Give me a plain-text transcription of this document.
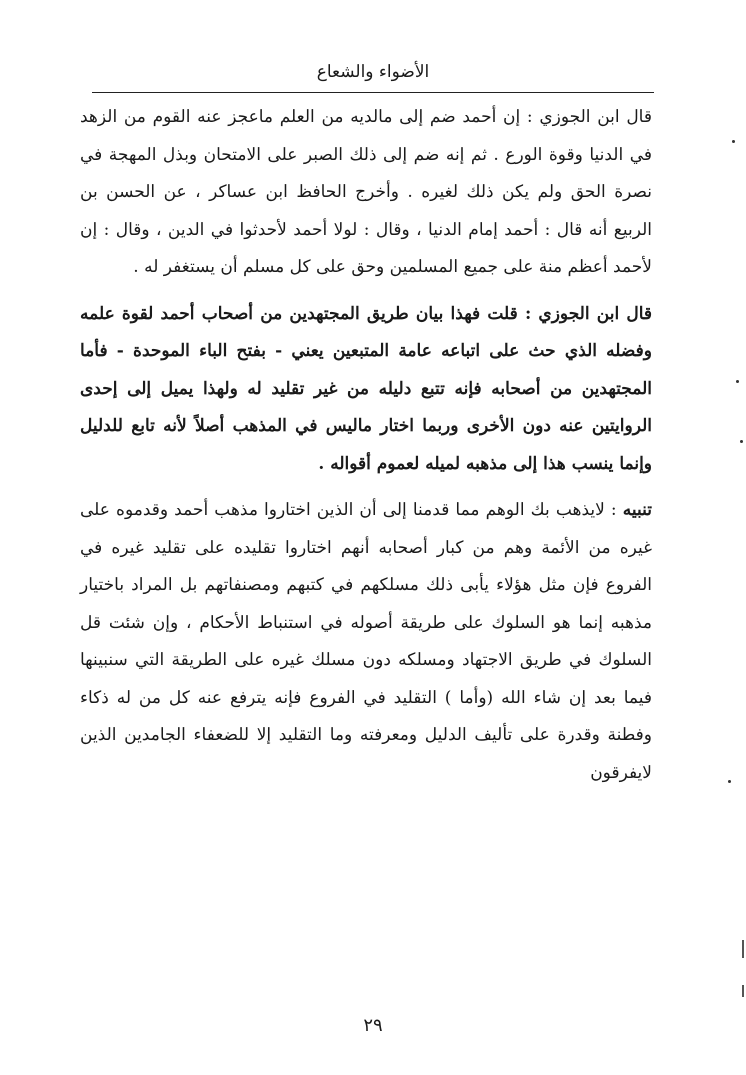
الأضواء والشعاع

قال ابن الجوزي : إن أحمد ضم إلى مالديه من العلم ماعجز عنه القوم من الزهد في الدنيا وقوة الورع . ثم إنه ضم إلى ذلك الصبر على الامتحان وبذل المهجة في نصرة الحق ولم يكن ذلك لغيره . وأخرج الحافظ ابن عساكر ، عن الحسن بن الربيع أنه قال : أحمد إمام الدنيا ، وقال : لولا أحمد لأحدثوا في الدين ، وقال : إن لأحمد أعظم منة على جميع المسلمين وحق على كل مسلم أن يستغفر له .

قال ابن الجوزي : قلت فهذا بيان طريق المجتهدين من أصحاب أحمد لقوة علمه وفضله الذي حث على اتباعه عامة المتبعين يعني - بفتح الباء الموحدة - فأما المجتهدين من أصحابه فإنه تتبع دليله من غير تقليد له ولهذا يميل إلى إحدى الروايتين عنه دون الأخرى وربما اختار ماليس في المذهب أصلاً لأنه تابع للدليل وإنما ينسب هذا إلى مذهبه لميله لعموم أقواله .

تنبيه : لايذهب بك الوهم مما قدمنا إلى أن الذين اختاروا مذهب أحمد وقدموه على غيره من الأئمة وهم من كبار أصحابه أنهم اختاروا تقليده على تقليد غيره في الفروع فإن مثل هؤلاء يأبى ذلك مسلكهم في كتبهم ومصنفاتهم بل المراد باختيار مذهبه إنما هو السلوك على طريقة أصوله في استنباط الأحكام ، وإن شئت قل السلوك في طريق الاجتهاد ومسلكه دون مسلك غيره على الطريقة التي سنبينها فيما بعد إن شاء الله (وأما ) التقليد في الفروع فإنه يترفع عنه كل من له ذكاء وفطنة وقدرة على تأليف الدليل ومعرفته وما التقليد إلا للضعفاء الجامدين الذين لايفرقون

٢٩
